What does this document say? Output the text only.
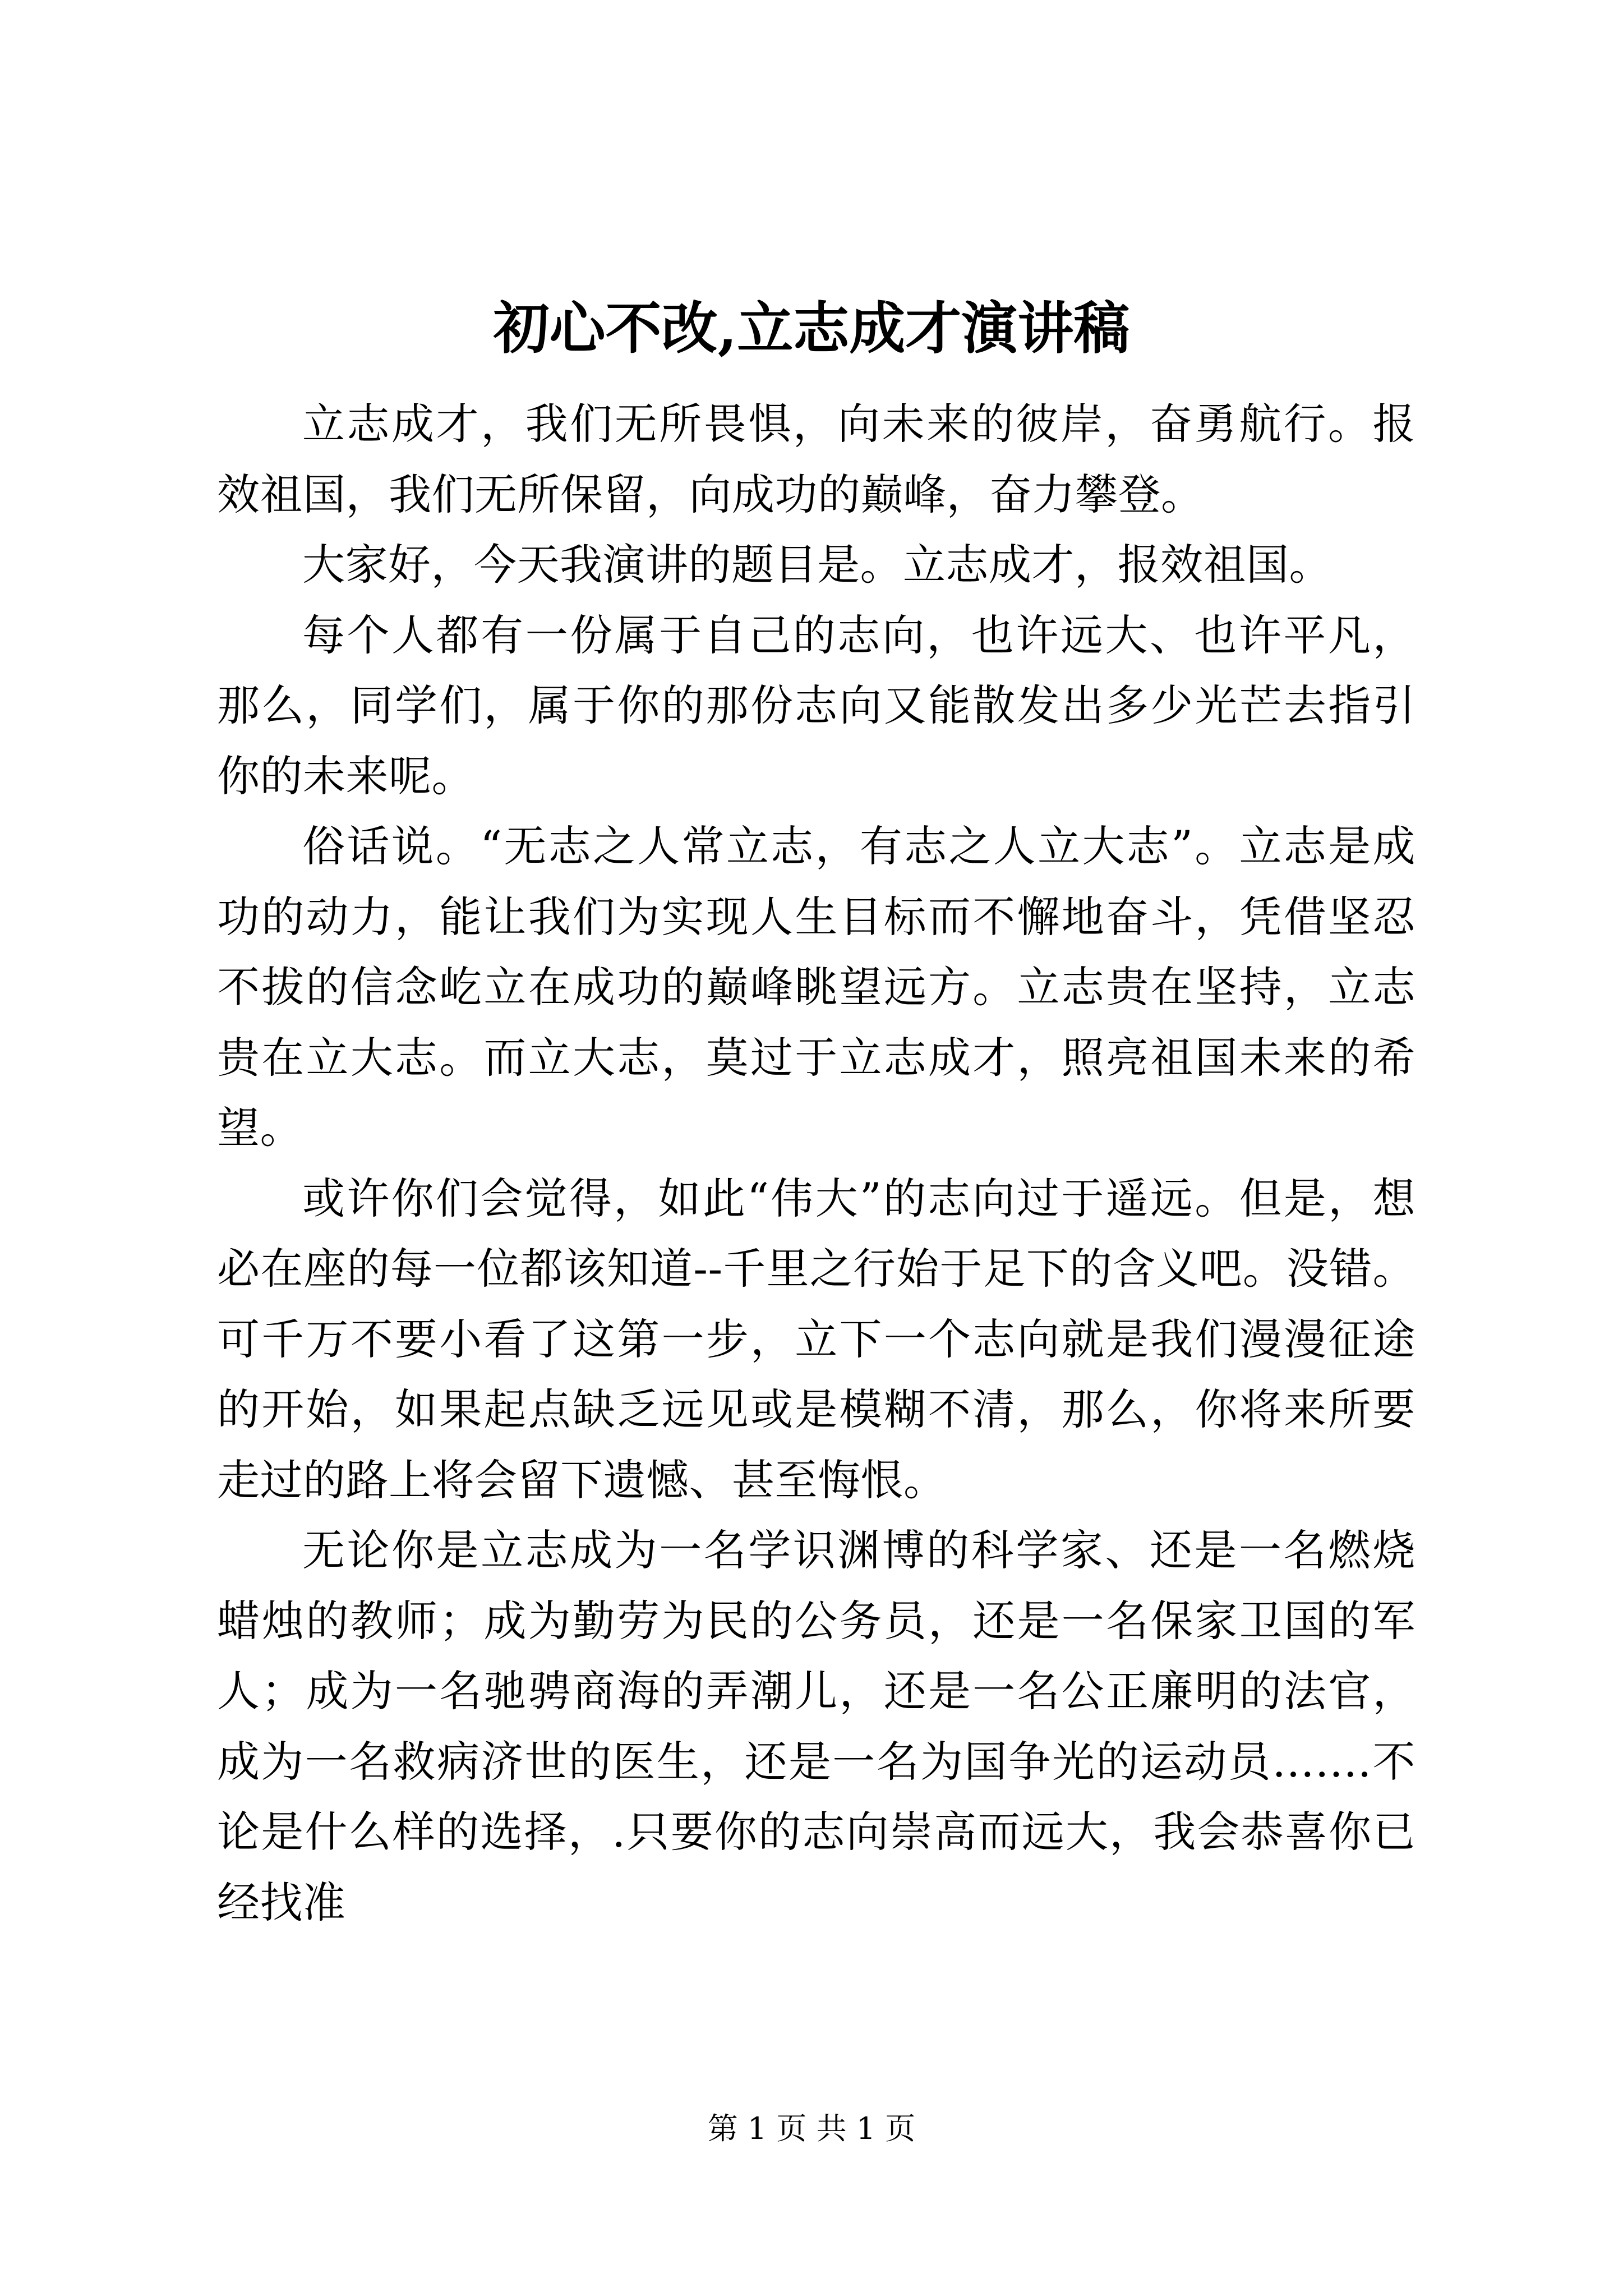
初心不改,立志成才演讲稿

立志成才，我们无所畏惧，向未来的彼岸，奋勇航行。报效祖国，我们无所保留，向成功的巅峰，奋力攀登。

大家好，今天我演讲的题目是。立志成才，报效祖国。

每个人都有一份属于自己的志向，也许远大、也许平凡，那么，同学们，属于你的那份志向又能散发出多少光芒去指引你的未来呢。

俗话说。“无志之人常立志，有志之人立大志”。立志是成功的动力，能让我们为实现人生目标而不懈地奋斗，凭借坚忍不拔的信念屹立在成功的巅峰眺望远方。立志贵在坚持，立志贵在立大志。而立大志，莫过于立志成才，照亮祖国未来的希望。

或许你们会觉得，如此“伟大”的志向过于遥远。但是，想必在座的每一位都该知道--千里之行始于足下的含义吧。没错。可千万不要小看了这第一步，立下一个志向就是我们漫漫征途的开始，如果起点缺乏远见或是模糊不清，那么，你将来所要走过的路上将会留下遗憾、甚至悔恨。

无论你是立志成为一名学识渊博的科学家、还是一名燃烧蜡烛的教师；成为勤劳为民的公务员，还是一名保家卫国的军人；成为一名驰骋商海的弄潮儿，还是一名公正廉明的法官，成为一名救病济世的医生，还是一名为国争光的运动员…….不论是什么样的选择，.只要你的志向崇高而远大，我会恭喜你已经找准

第 1 页 共 1 页
